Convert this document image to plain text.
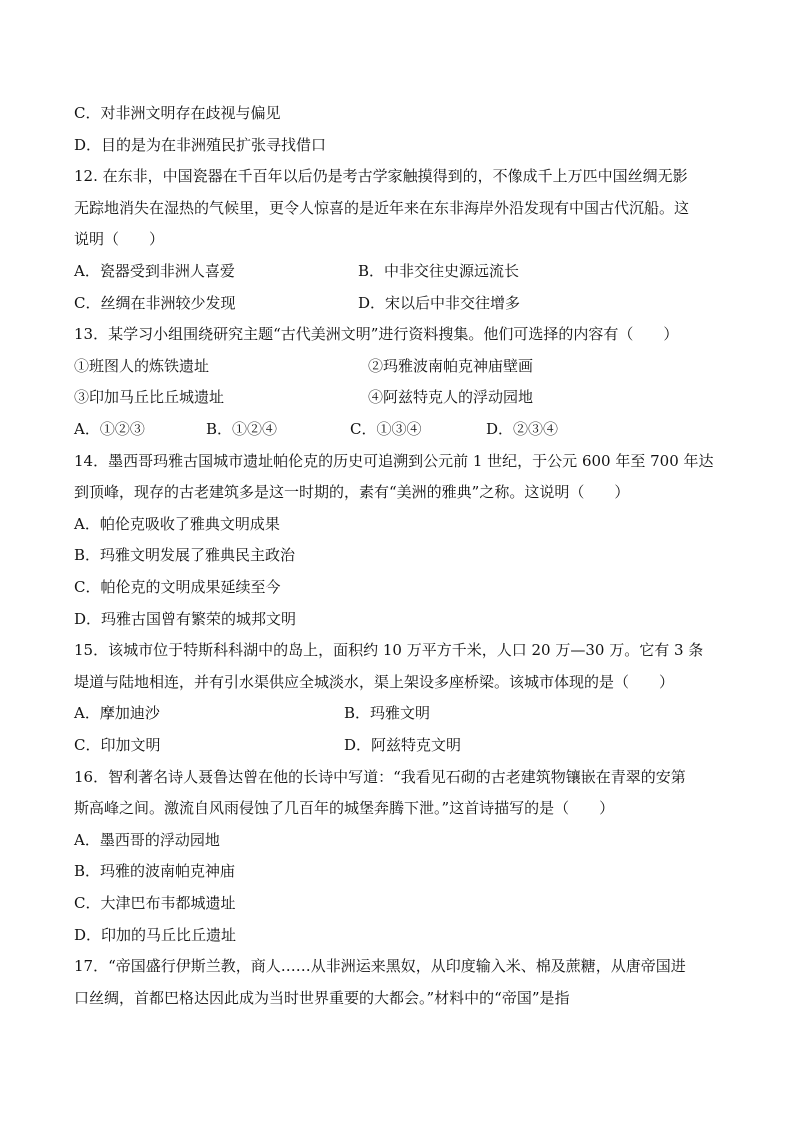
C．对非洲文明存在歧视与偏见
D．目的是为在非洲殖民扩张寻找借口
12. 在东非，中国瓷器在千百年以后仍是考古学家触摸得到的，不像成千上万匹中国丝绸无影
无踪地消失在湿热的气候里，更令人惊喜的是近年来在东非海岸外沿发现有中国古代沉船。这
说明（　　）
A．瓷器受到非洲人喜爱	B．中非交往史源远流长
C．丝绸在非洲较少发现	D．宋以后中非交往增多
13．某学习小组围绕研究主题“古代美洲文明”进行资料搜集。他们可选择的内容有（　　）
①班图人的炼铁遗址	②玛雅波南帕克神庙壁画
③印加马丘比丘城遗址	④阿兹特克人的浮动园地
A．①②③	B．①②④	C．①③④	D．②③④
14．墨西哥玛雅古国城市遗址帕伦克的历史可追溯到公元前 1 世纪，于公元 600 年至 700 年达
到顶峰，现存的古老建筑多是这一时期的，素有“美洲的雅典”之称。这说明（　　）
A．帕伦克吸收了雅典文明成果
B．玛雅文明发展了雅典民主政治
C．帕伦克的文明成果延续至今
D．玛雅古国曾有繁荣的城邦文明
15．该城市位于特斯科科湖中的岛上，面积约 10 万平方千米，人口 20 万—30 万。它有 3 条
堤道与陆地相连，并有引水渠供应全城淡水，渠上架设多座桥梁。该城市体现的是（　　）
A．摩加迪沙	B．玛雅文明
C．印加文明	D．阿兹特克文明
16．智利著名诗人聂鲁达曾在他的长诗中写道：“我看见石砌的古老建筑物镶嵌在青翠的安第
斯高峰之间。激流自风雨侵蚀了几百年的城堡奔腾下泄。”这首诗描写的是（　　）
A．墨西哥的浮动园地
B．玛雅的波南帕克神庙
C．大津巴布韦都城遗址
D．印加的马丘比丘遗址
17．“帝国盛行伊斯兰教，商人……从非洲运来黑奴，从印度输入米、棉及蔗糖，从唐帝国进
口丝绸，首都巴格达因此成为当时世界重要的大都会。”材料中的“帝国”是指
